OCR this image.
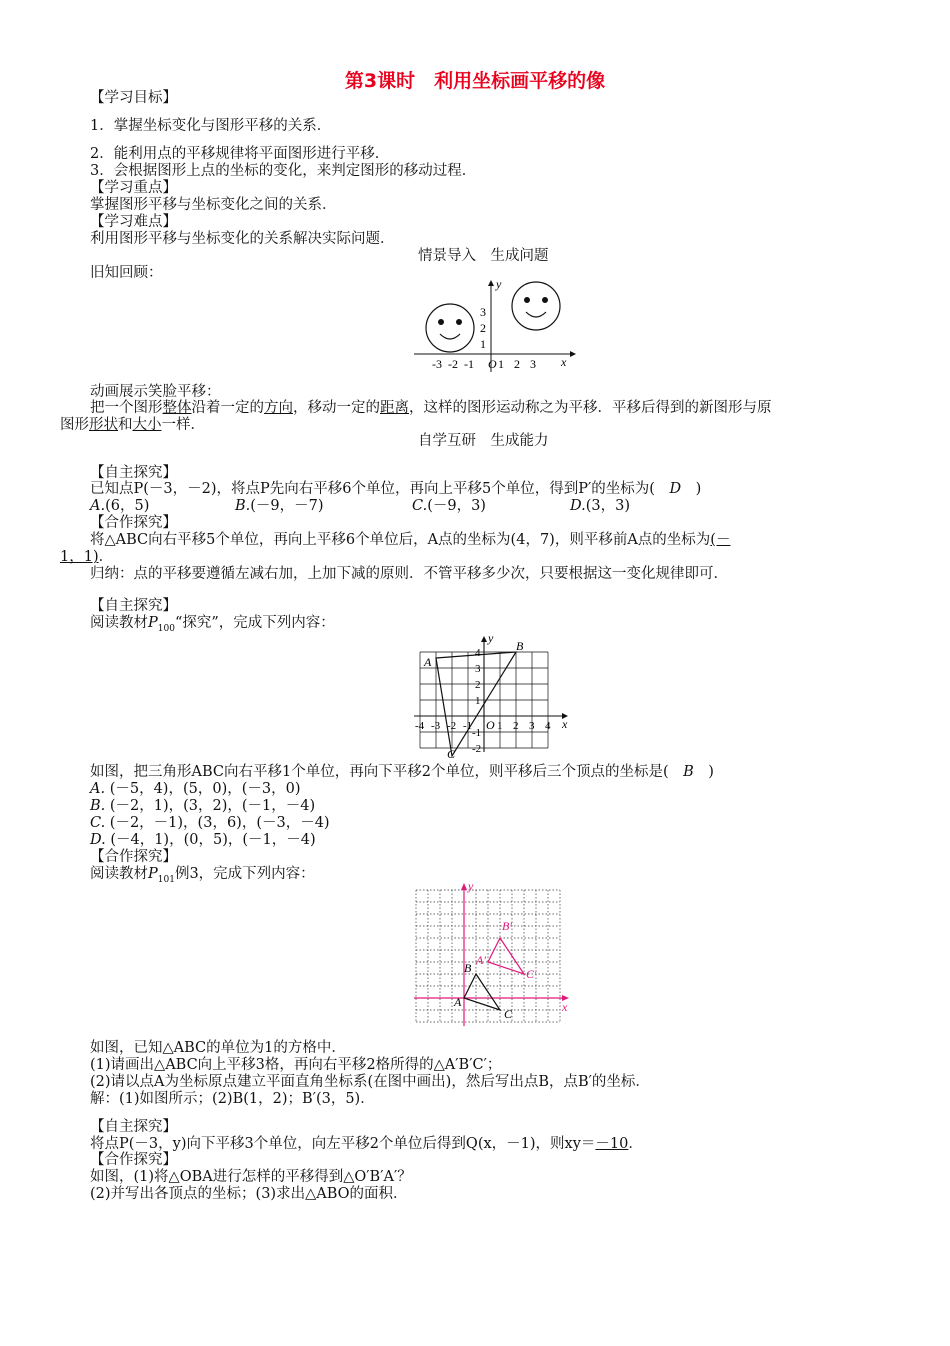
第3课时　利用坐标画平移的像
【学习目标】
1．掌握坐标变化与图形平移的关系．
2．能利用点的平移规律将平面图形进行平移．
3．会根据图形上点的坐标的变化，来判定图形的移动过程．
【学习重点】
掌握图形平移与坐标变化之间的关系．
【学习难点】
利用图形平移与坐标变化的关系解决实际问题．
情景导入　生成问题
旧知回顾：
y
x
3
2
1
-3 -2 -1 O 1 2 3
动画展示笑脸平移：
把一个图形整体沿着一定的方向，移动一定的距离，这样的图形运动称之为平移．平移后得到的新图形与原
图形形状和大小一样．
自学互研　生成能力
【自主探究】
已知点P(－3，－2)，将点P先向右平移6个单位，再向上平移5个单位，得到P′的坐标为(　D　)
A.(6，5)	B.(－9，－7)	C.(－9，3)	D.(3，3)
【合作探究】
将△ABC向右平移5个单位，再向上平移6个单位后，A点的坐标为(4，7)，则平移前A点的坐标为(－
1，1)．
归纳：点的平移要遵循左减右加，上加下减的原则．不管平移多少次，只要根据这一变化规律即可．
【自主探究】
阅读教材$P_{100}“$探究”，完成下列内容：
y
x
A
B
C
O
-4 -3 -2 -1 1 2 3 4
4
3
2
1
-1
-2
如图，把三角形ABC向右平移1个单位，再向下平移2个单位，则平移后三个顶点的坐标是(　B　)
A. (－5，4)，(5，0)，(－3，0)
B. (－2，1)，(3，2)，(－1，－4)
C. (－2，－1)，(3，6)，(－3，－4)
D. (－4，1)，(0，5)，(－1，－4)
【合作探究】
阅读教材$P_{101}$例3，完成下列内容：
y
x
A
B
C
A′
B′
C′
如图，已知△ABC的单位为1的方格中．
(1)请画出△ABC向上平移3格，再向右平移2格所得的△A′B′C′；
(2)请以点A为坐标原点建立平面直角坐标系(在图中画出)，然后写出点B，点B′的坐标．
解：(1)如图所示；(2)B(1，2)；B′(3，5)．
【自主探究】
将点P(－3，y)向下平移3个单位，向左平移2个单位后得到Q(x，－1)，则xy＝－10．
【合作探究】
如图，(1)将△OBA进行怎样的平移得到△O′B′A′？
(2)并写出各顶点的坐标；(3)求出△ABO的面积．
